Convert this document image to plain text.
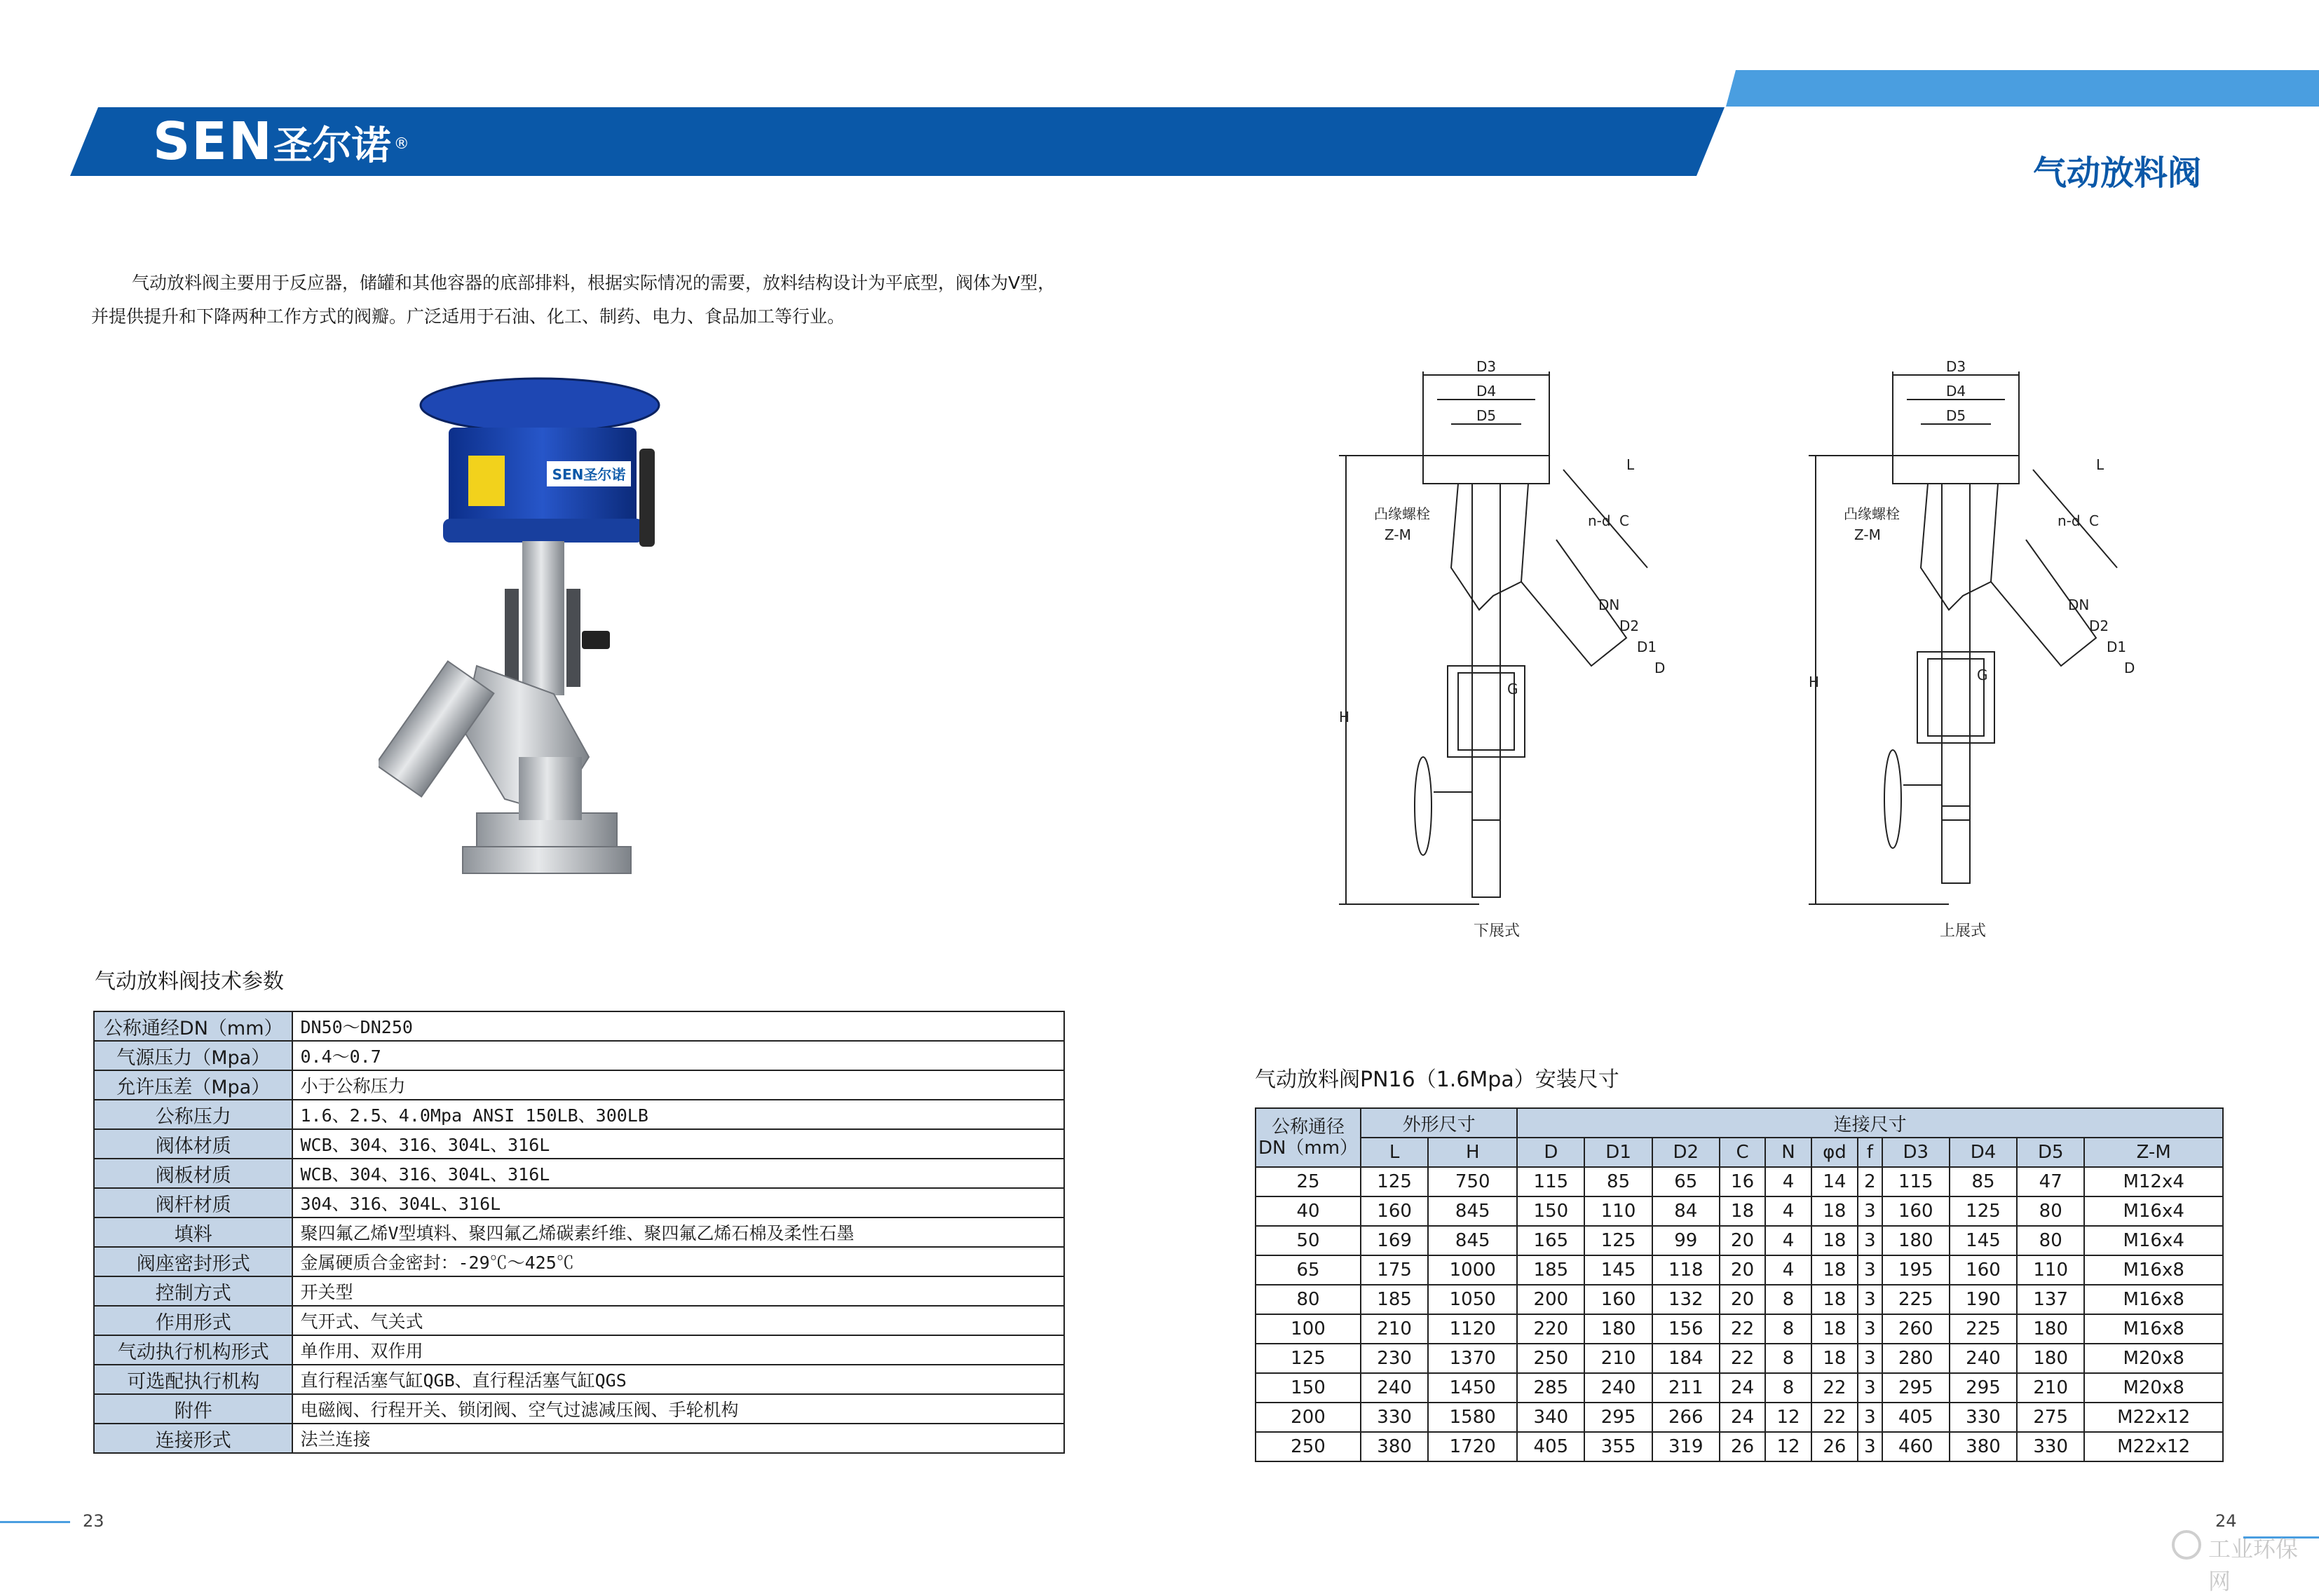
SEN圣尔诺 ®
气动放料阀
气动放料阀主要用于反应器，储罐和其他容器的底部排料，根据实际情况的需要，放料结构设计为平底型，阀体为V型，并提供提升和下降两种工作方式的阀瓣。广泛适用于石油、化工、制药、电力、食品加工等行业。
SEN圣尔诺
D3
D4
D5
凸缘螺栓
Z-M
H
L
n-d C
DN
D2
D1
D
G
下展式
D3
D4
D5
凸缘螺栓
Z-M
H
L
n-d C
DN
D2
D1
D
G
上展式
气动放料阀技术参数
公称通经DN（mm）	DN50～DN250
气源压力（Mpa）	0.4～0.7
允许压差（Mpa）	小于公称压力
公称压力	1.6、2.5、4.0Mpa ANSI 150LB、300LB
阀体材质	WCB、304、316、304L、316L
阀板材质	WCB、304、316、304L、316L
阀杆材质	304、316、304L、316L
填料	聚四氟乙烯V型填料、聚四氟乙烯碳素纤维、聚四氟乙烯石棉及柔性石墨
阀座密封形式	金属硬质合金密封：-29℃～425℃
控制方式	开关型
作用形式	气开式、气关式
气动执行机构形式	单作用、双作用
可选配执行机构	直行程活塞气缸QGB、直行程活塞气缸QGS
附件	电磁阀、行程开关、锁闭阀、空气过滤减压阀、手轮机构
连接形式	法兰连接
气动放料阀PN16（1.6Mpa）安装尺寸
公称通径
DN（mm）	外形尺寸		连接尺寸										
	L	H	D	D1	D2	C	N	φd	f	D3	D4	D5	Z-M
25	125	750	115	85	65	16	4	14	2	115	85	47	M12x4
40	160	845	150	110	84	18	4	18	3	160	125	80	M16x4
50	169	845	165	125	99	20	4	18	3	180	145	80	M16x4
65	175	1000	185	145	118	20	4	18	3	195	160	110	M16x8
80	185	1050	200	160	132	20	8	18	3	225	190	137	M16x8
100	210	1120	220	180	156	22	8	18	3	260	225	180	M16x8
125	230	1370	250	210	184	22	8	18	3	280	240	180	M20x8
150	240	1450	285	240	211	24	8	22	3	295	295	210	M20x8
200	330	1580	340	295	266	24	12	22	3	405	330	275	M22x12
250	380	1720	405	355	319	26	12	26	3	460	380	330	M22x12
23	24
工业环保网
